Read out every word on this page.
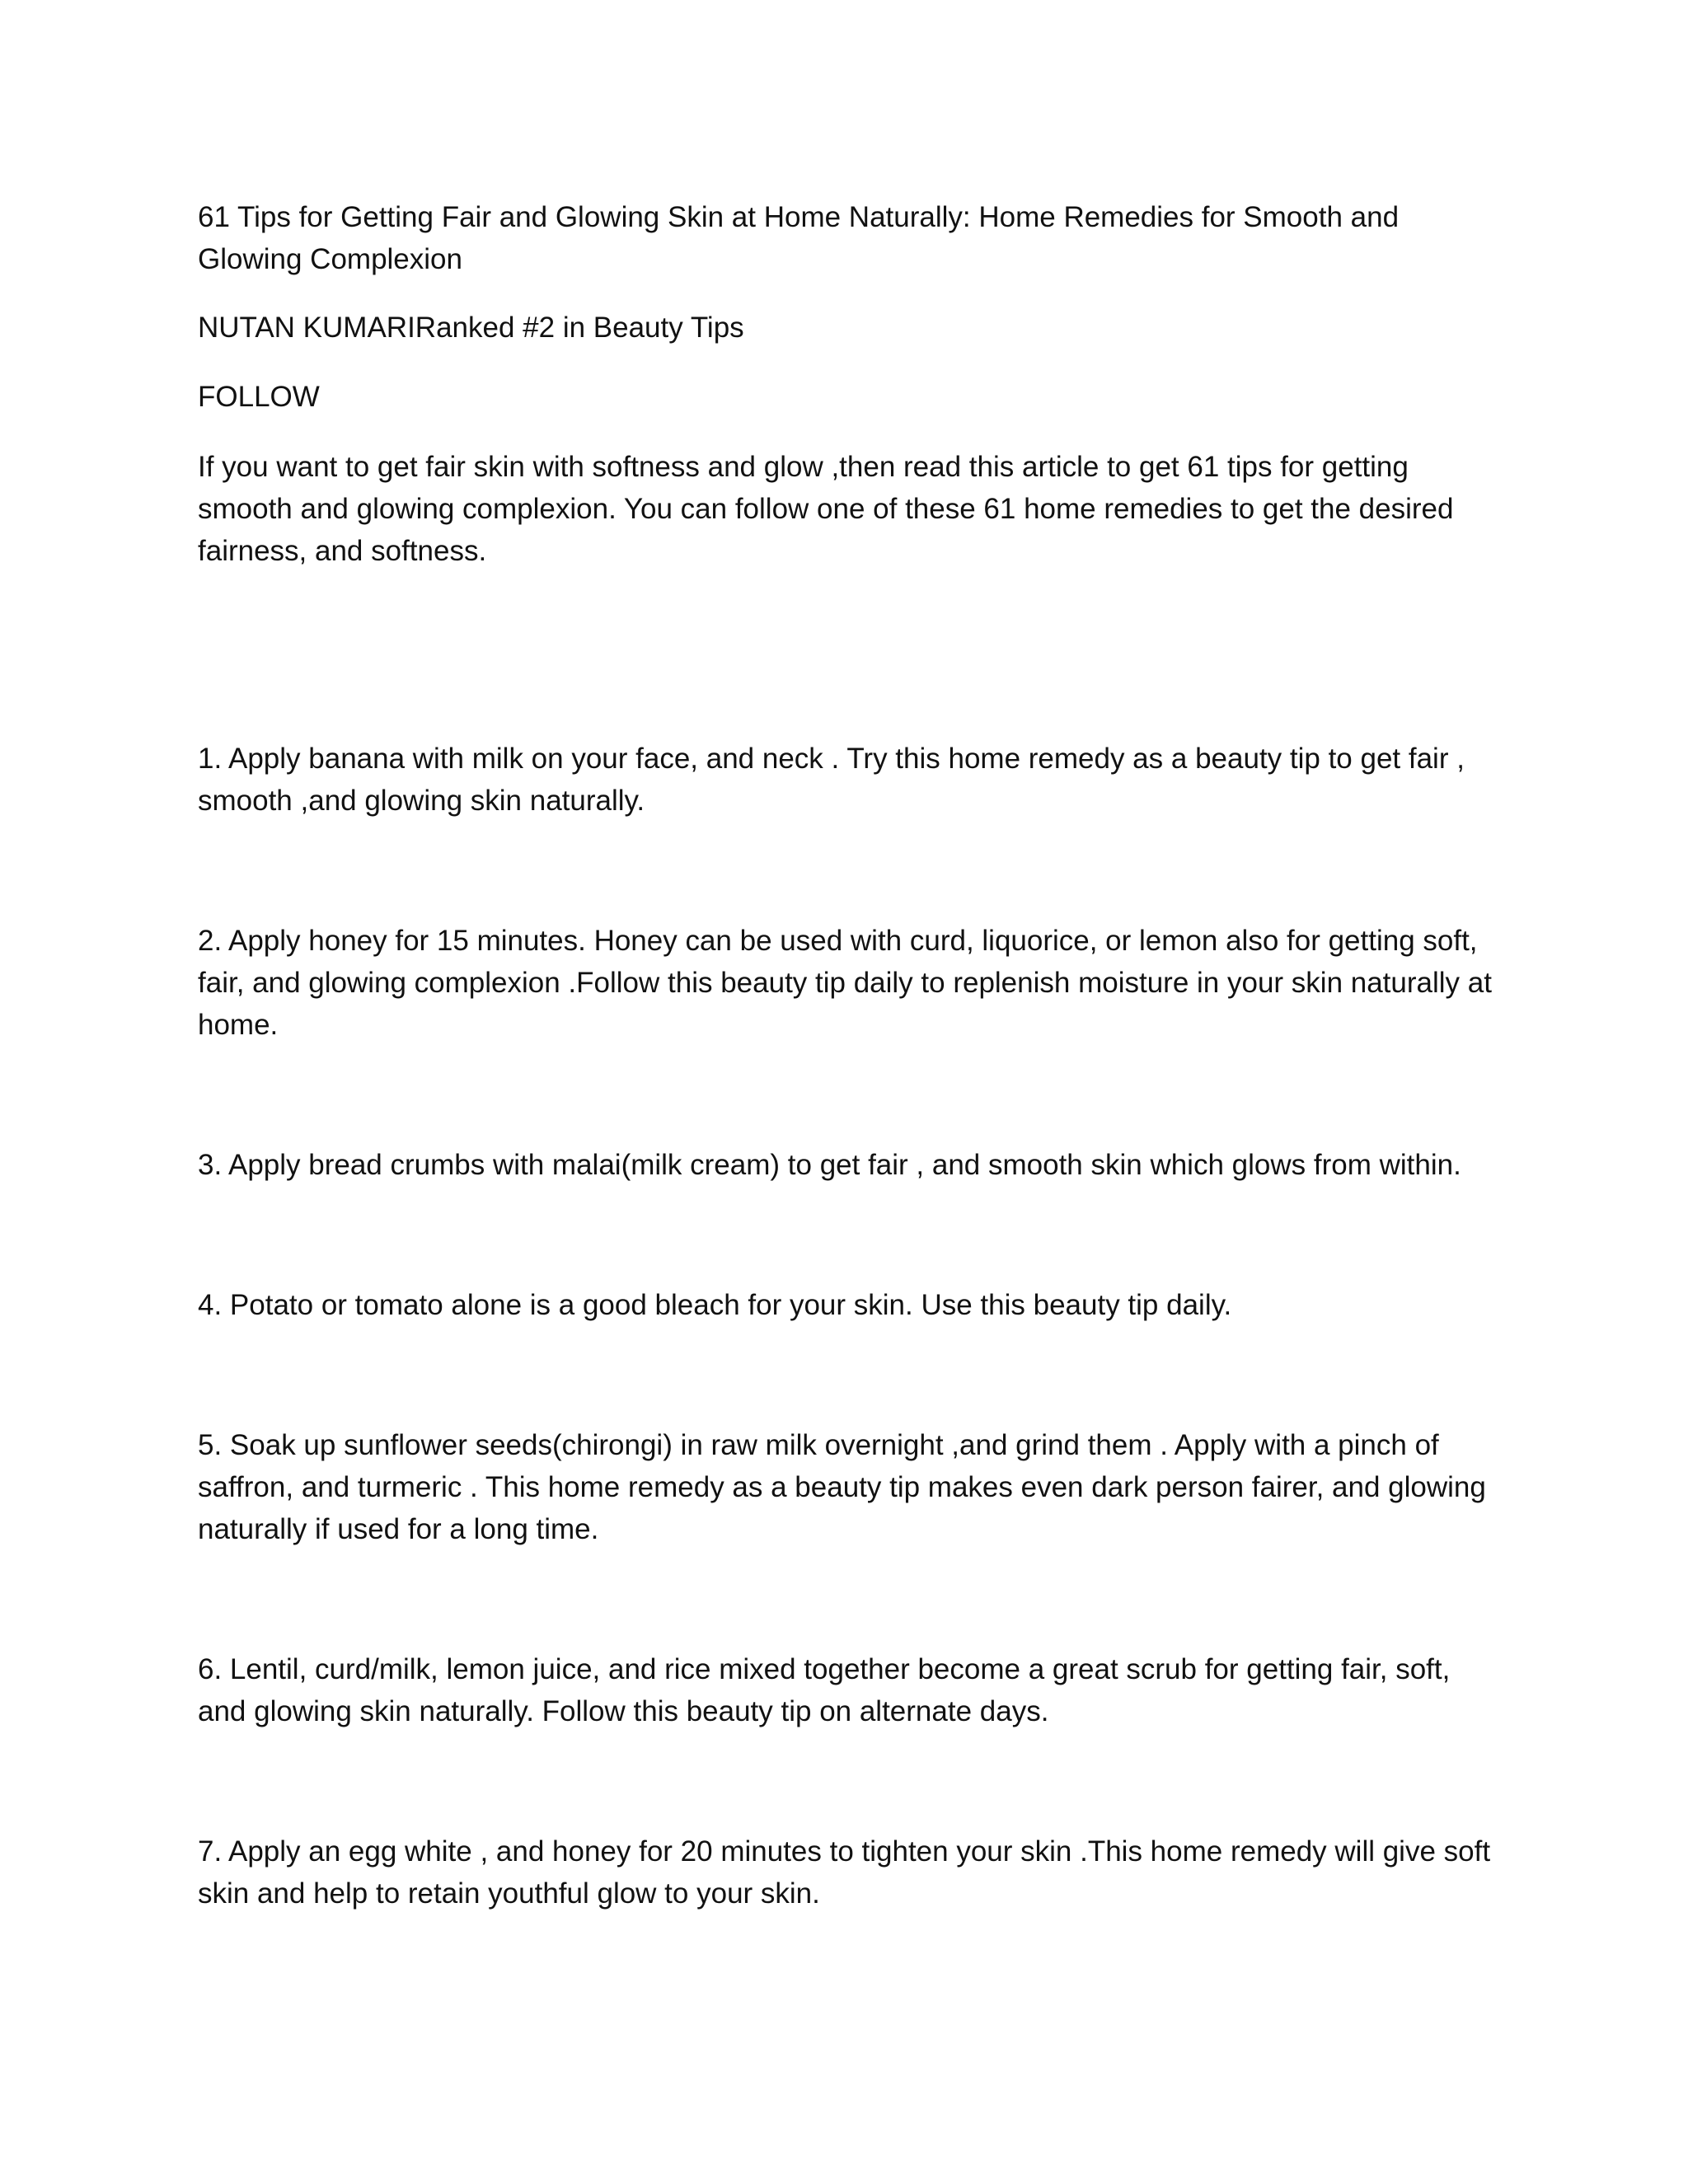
61 Tips for Getting Fair and Glowing Skin at Home Naturally: Home Remedies for Smooth and Glowing Complexion

NUTAN KUMARIRanked #2 in Beauty Tips

FOLLOW

If you want to get fair skin with softness and glow ,then read this article to get 61 tips for getting smooth and glowing complexion. You can follow one of these 61 home remedies to get the desired fairness, and softness.

1. Apply banana with milk on your face, and neck . Try this home remedy as a beauty tip to get fair , smooth ,and glowing skin naturally.

2. Apply honey for 15 minutes. Honey can be used with curd, liquorice, or lemon also for getting soft, fair, and glowing complexion .Follow this beauty tip daily to replenish moisture in your skin naturally at home.

3. Apply bread crumbs with malai(milk cream) to get fair , and smooth skin which glows from within.

4. Potato or tomato alone is a good bleach for your skin. Use this beauty tip daily.

5. Soak up sunflower seeds(chirongi) in raw milk overnight ,and grind them . Apply with a pinch of saffron, and turmeric . This home remedy as a beauty tip makes even dark person fairer, and glowing naturally if used for a long time.

6. Lentil, curd/milk, lemon juice, and rice mixed together become a great scrub for getting fair, soft, and glowing skin naturally. Follow this beauty tip on alternate days.

7. Apply an egg white , and honey for 20 minutes to tighten your skin .This home remedy will give soft skin and help to retain youthful glow to your skin.
